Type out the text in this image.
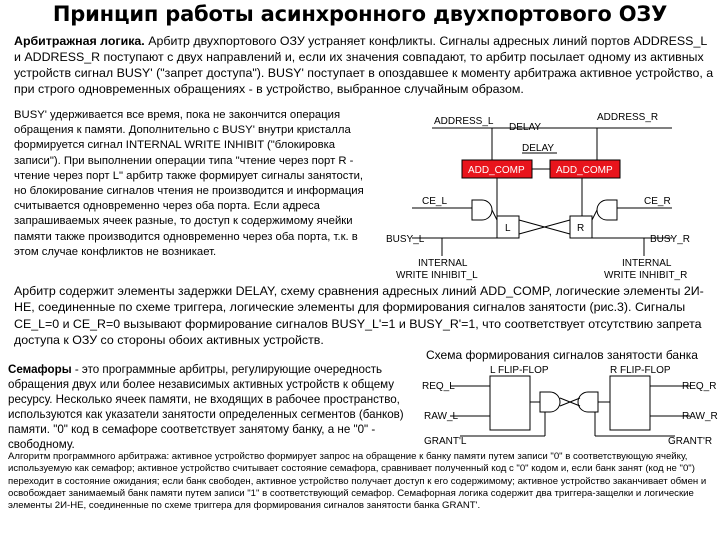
Принцип работы асинхронного двухпортового ОЗУ
Арбитражная логика. Арбитр двухпортового ОЗУ устраняет конфликты. Сигналы адресных линий портов ADDRESS_L и ADDRESS_R поступают с двух направлений и, если их значения совпадают, то арбитр посылает одному из активных устройств сигнал BUSY' ("запрет доступа"). BUSY' поступает в опоздавшее к моменту арбитража активное устройство, а при строго одновременных обращениях - в устройство, выбранное случайным образом.
BUSY' удерживается все время, пока не закончится операция обращения к памяти. Дополнительно с BUSY' внутри кристалла формируется сигнал INTERNAL WRITE INHIBIT ("блокировка записи"). При выполнении операции типа "чтение через порт R - чтение через порт L" арбитр также формирует сигналы занятости, но блокирование сигналов чтения не производится и информация считывается одновременно через оба порта. Если адреса запрашиваемых ячеек разные, то доступ к содержимому ячейки памяти также производится одновременно через оба порта, т.к. в этом случае конфликтов не возникает.
ADDRESS_L	ADDRESS_R
DELAY
DELAY
ADD_COMP	ADD_COMP
CE_L	CE_R
L	R
BUSY_L	BUSY_R
INTERNAL
WRITE INHIBIT_L
INTERNAL
WRITE INHIBIT_R
Арбитр содержит элементы задержки DELAY, схему сравнения адресных линий ADD_COMP, логические элементы 2И-НЕ, соединенные по схеме триггера, логические элементы для формирования сигналов занятости (рис.3). Сигналы CE_L=0 и CE_R=0 вызывают формирование сигналов BUSY_L'=1 и BUSY_R'=1, что соответствует отсутствию запрета доступа к ОЗУ со стороны обоих активных устройств.
Схема формирования сигналов занятости банка
Семафоры - это программные арбитры, регулирующие очередность обращения двух или более независимых активных устройств к общему ресурсу. Несколько ячеек памяти, не входящих в рабочее пространство, используются как указатели занятости определенных сегментов (банков) памяти. "0" код в семафоре соответствует занятому банку, а не "0" - свободному.
L FLIP-FLOP	R FLIP-FLOP
REQ_L	REQ_R
RAW_L	RAW_R
GRANT'L	GRANT'R
Алгоритм программного арбитража: активное устройство формирует запрос на обращение к банку памяти путем записи "0" в соответствующую ячейку, используемую как семафор; активное устройство считывает состояние семафора, сравнивает полученный код с "0" кодом и, если банк занят (код не "0") переходит в состояние ожидания; если банк свободен, активное устройство получает доступ к его содержимому; активное устройство заканчивает обмен и освобождает занимаемый банк памяти путем записи "1" в соответствующий семафор. Семафорная логика содержит два триггера-защелки и логические элементы 2И-НЕ, соединенные по схеме триггера для формирования сигналов занятости банка GRANT'.
